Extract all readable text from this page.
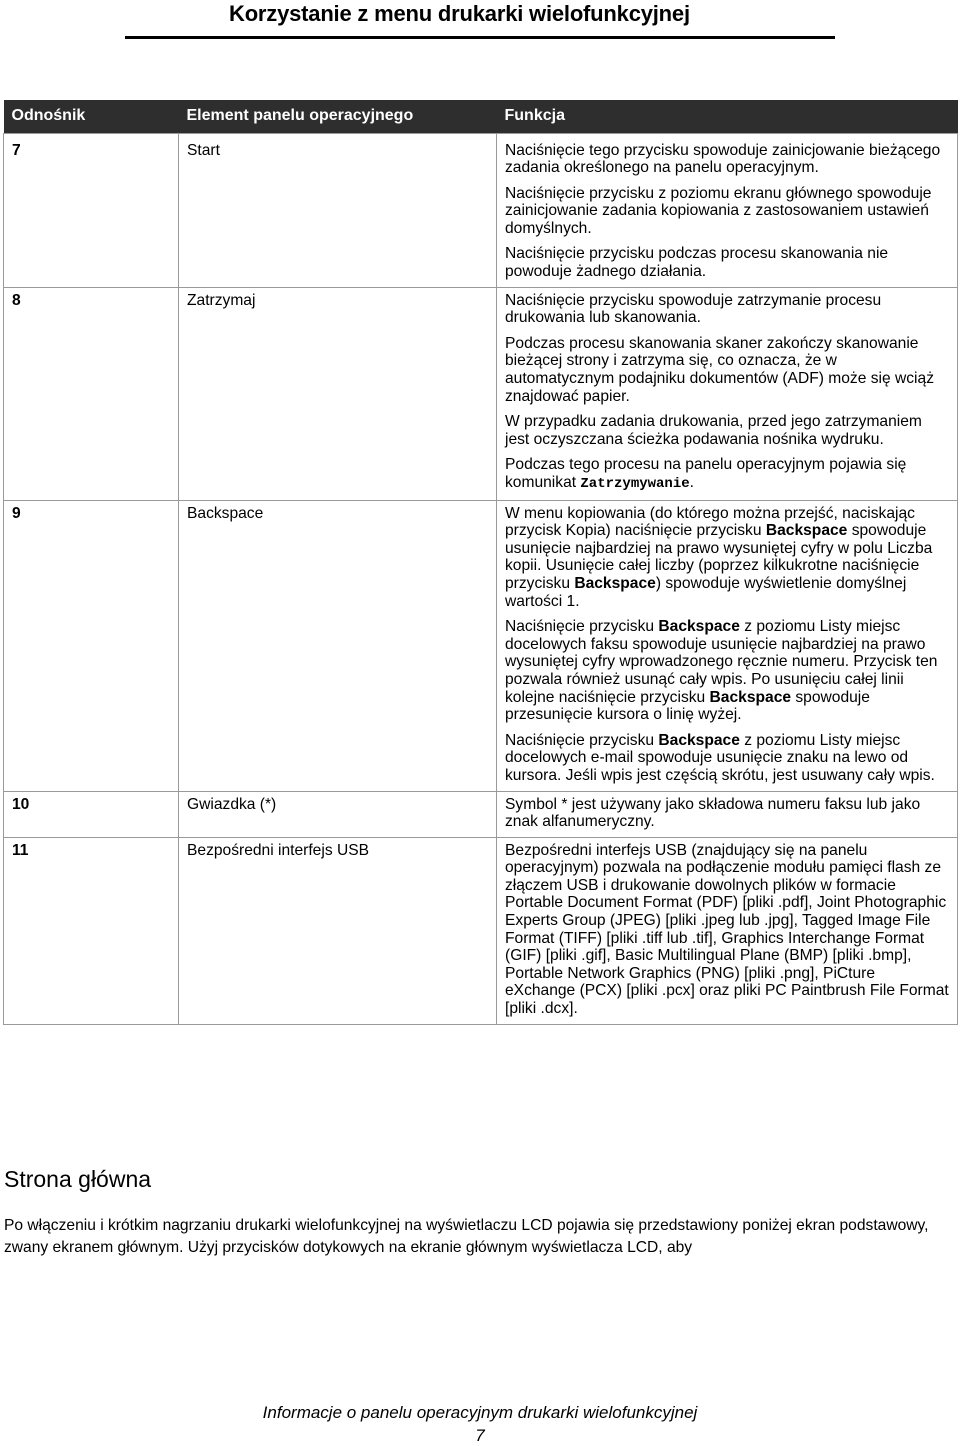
Korzystanie z menu drukarki wielofunkcyjnej
Odnośnik	Element panelu operacyjnego	Funkcja
7	Start	Naciśnięcie tego przycisku spowoduje zainicjowanie bieżącego zadania określonego na panelu operacyjnym.

Naciśnięcie przycisku z poziomu ekranu głównego spowoduje zainicjowanie zadania kopiowania z zastosowaniem ustawień domyślnych.

Naciśnięcie przycisku podczas procesu skanowania nie powoduje żadnego działania.

8	Zatrzymaj	Naciśnięcie przycisku spowoduje zatrzymanie procesu drukowania lub skanowania.

Podczas procesu skanowania skaner zakończy skanowanie bieżącej strony i zatrzyma się, co oznacza, że w automatycznym podajniku dokumentów (ADF) może się wciąż znajdować papier.

W przypadku zadania drukowania, przed jego zatrzymaniem jest oczyszczana ścieżka podawania nośnika wydruku.

Podczas tego procesu na panelu operacyjnym pojawia się komunikat Zatrzymywanie.

9	Backspace	W menu kopiowania (do którego można przejść, naciskając przycisk Kopia) naciśnięcie przycisku Backspace spowoduje usunięcie najbardziej na prawo wysuniętej cyfry w polu Liczba kopii. Usunięcie całej liczby (poprzez kilkukrotne naciśnięcie przycisku Backspace) spowoduje wyświetlenie domyślnej wartości 1.

Naciśnięcie przycisku Backspace z poziomu Listy miejsc docelowych faksu spowoduje usunięcie najbardziej na prawo wysuniętej cyfry wprowadzonego ręcznie numeru. Przycisk ten pozwala również usunąć cały wpis. Po usunięciu całej linii kolejne naciśnięcie przycisku Backspace spowoduje przesunięcie kursora o linię wyżej.

Naciśnięcie przycisku Backspace z poziomu Listy miejsc docelowych e-mail spowoduje usunięcie znaku na lewo od kursora. Jeśli wpis jest częścią skrótu, jest usuwany cały wpis.

10	Gwiazdka (*)	Symbol * jest używany jako składowa numeru faksu lub jako znak alfanumeryczny.

11	Bezpośredni interfejs USB	Bezpośredni interfejs USB (znajdujący się na panelu operacyjnym) pozwala na podłączenie modułu pamięci flash ze złączem USB i drukowanie dowolnych plików w formacie Portable Document Format (PDF) [pliki .pdf], Joint Photographic Experts Group (JPEG) [pliki .jpeg lub .jpg], Tagged Image File Format (TIFF) [pliki .tiff lub .tif], Graphics Interchange Format (GIF) [pliki .gif], Basic Multilingual Plane (BMP) [pliki .bmp], Portable Network Graphics (PNG) [pliki .png], PiCture eXchange (PCX) [pliki .pcx] oraz pliki PC Paintbrush File Format [pliki .dcx].

Strona główna

Po włączeniu i krótkim nagrzaniu drukarki wielofunkcyjnej na wyświetlaczu LCD pojawia się przedstawiony poniżej ekran podstawowy, zwany ekranem głównym. Użyj przycisków dotykowych na ekranie głównym wyświetlacza LCD, aby

Informacje o panelu operacyjnym drukarki wielofunkcyjnej
7
